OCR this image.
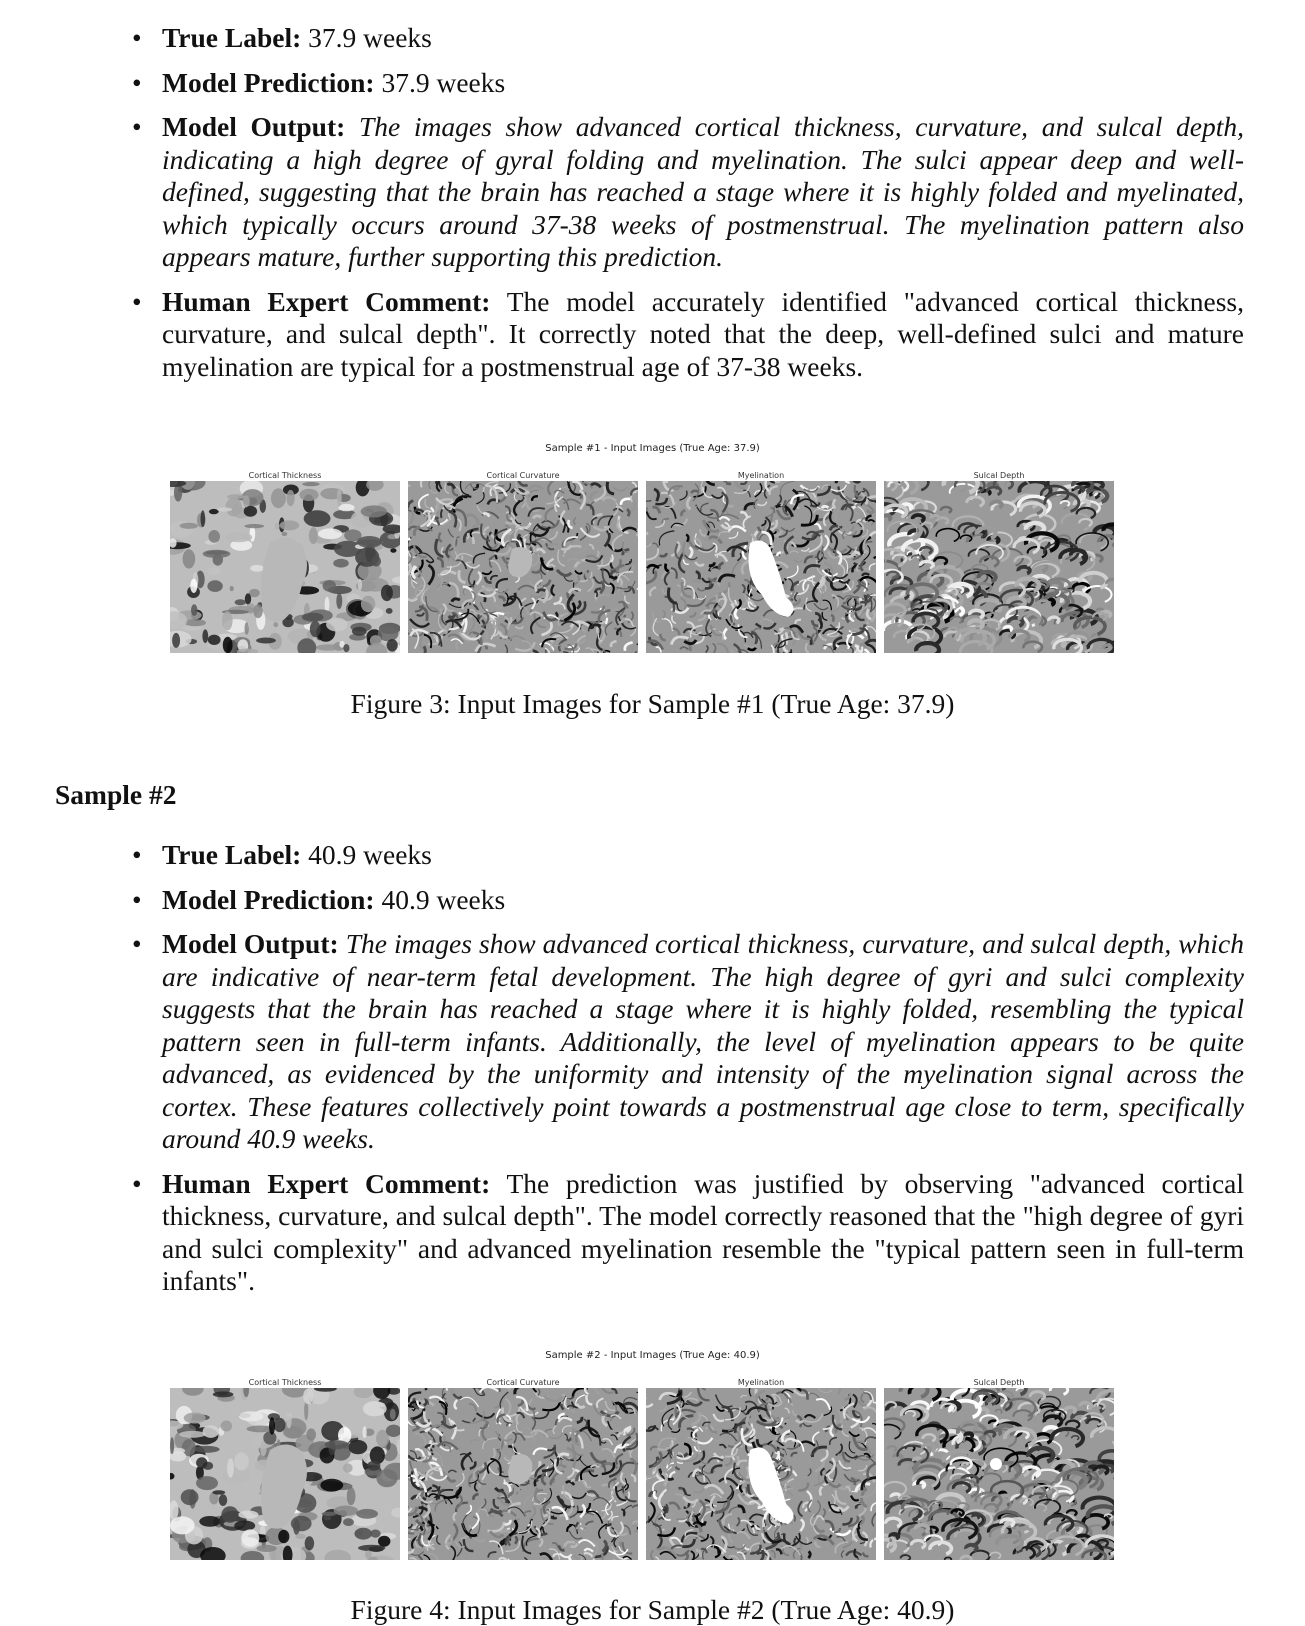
• True Label: 37.9 weeks
• Model Prediction: 37.9 weeks
• Model Output: The images show advanced cortical thickness, curvature, and sulcal depth, indicating a high degree of gyral folding and myelination. The sulci appear deep and well-defined, suggesting that the brain has reached a stage where it is highly folded and myelinated, which typically occurs around 37-38 weeks of postmenstrual. The myelination pattern also appears mature, further supporting this prediction.
• Human Expert Comment: The model accurately identified "advanced cortical thickness, curvature, and sulcal depth". It correctly noted that the deep, well-defined sulci and mature myelination are typical for a postmenstrual age of 37-38 weeks.
Sample #1 - Input Images (True Age: 37.9)
Cortical Thickness	Cortical Curvature	Myelination	Sulcal Depth
Figure 3: Input Images for Sample #1 (True Age: 37.9)
Sample #2
• True Label: 40.9 weeks
• Model Prediction: 40.9 weeks
• Model Output: The images show advanced cortical thickness, curvature, and sulcal depth, which are indicative of near-term fetal development. The high degree of gyri and sulci complexity suggests that the brain has reached a stage where it is highly folded, resembling the typical pattern seen in full-term infants. Additionally, the level of myelination appears to be quite advanced, as evidenced by the uniformity and intensity of the myelination signal across the cortex. These features collectively point towards a postmenstrual age close to term, specifically around 40.9 weeks.
• Human Expert Comment: The prediction was justified by observing "advanced cortical thickness, curvature, and sulcal depth". The model correctly reasoned that the "high degree of gyri and sulci complexity" and advanced myelination resemble the "typical pattern seen in full-term infants".
Sample #2 - Input Images (True Age: 40.9)
Cortical Thickness	Cortical Curvature	Myelination	Sulcal Depth
Figure 4: Input Images for Sample #2 (True Age: 40.9)
